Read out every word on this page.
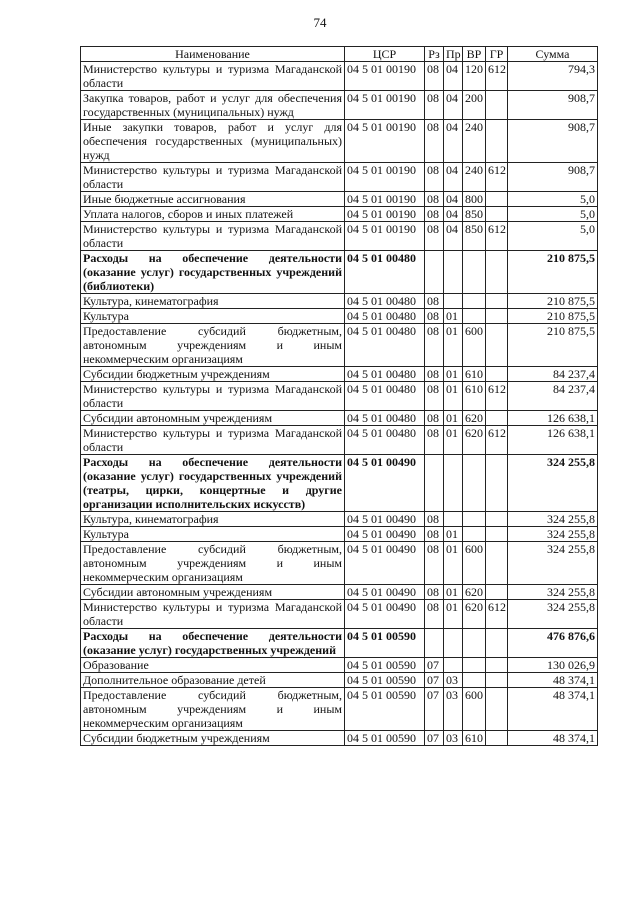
74
Наименование	ЦСР	Рз	Пр	ВР	ГР	Сумма
Министерство культуры и туризма Магаданской области	04 5 01 00190	08	04	120	612	794,3
Закупка товаров, работ и услуг для обеспечения государственных (муниципальных) нужд	04 5 01 00190	08	04	200		908,7
Иные закупки товаров, работ и услуг для обеспечения государственных (муниципальных) нужд	04 5 01 00190	08	04	240		908,7
Министерство культуры и туризма Магаданской области	04 5 01 00190	08	04	240	612	908,7
Иные бюджетные ассигнования	04 5 01 00190	08	04	800		5,0
Уплата налогов, сборов и иных платежей	04 5 01 00190	08	04	850		5,0
Министерство культуры и туризма Магаданской области	04 5 01 00190	08	04	850	612	5,0
Расходы на обеспечение деятельности (оказание услуг) государственных учреждений (библиотеки)	04 5 01 00480					210 875,5
Культура, кинематография	04 5 01 00480	08				210 875,5
Культура	04 5 01 00480	08	01			210 875,5
Предоставление субсидий бюджетным, автономным учреждениям и иным некоммерческим организациям	04 5 01 00480	08	01	600		210 875,5
Субсидии бюджетным учреждениям	04 5 01 00480	08	01	610		84 237,4
Министерство культуры и туризма Магаданской области	04 5 01 00480	08	01	610	612	84 237,4
Субсидии автономным учреждениям	04 5 01 00480	08	01	620		126 638,1
Министерство культуры и туризма Магаданской области	04 5 01 00480	08	01	620	612	126 638,1
Расходы на обеспечение деятельности (оказание услуг) государственных учреждений (театры, цирки, концертные и другие организации исполнительских искусств)	04 5 01 00490					324 255,8
Культура, кинематография	04 5 01 00490	08				324 255,8
Культура	04 5 01 00490	08	01			324 255,8
Предоставление субсидий бюджетным, автономным учреждениям и иным некоммерческим организациям	04 5 01 00490	08	01	600		324 255,8
Субсидии автономным учреждениям	04 5 01 00490	08	01	620		324 255,8
Министерство культуры и туризма Магаданской области	04 5 01 00490	08	01	620	612	324 255,8
Расходы на обеспечение деятельности (оказание услуг) государственных учреждений	04 5 01 00590					476 876,6
Образование	04 5 01 00590	07				130 026,9
Дополнительное образование детей	04 5 01 00590	07	03			48 374,1
Предоставление субсидий бюджетным, автономным учреждениям и иным некоммерческим организациям	04 5 01 00590	07	03	600		48 374,1
Субсидии бюджетным учреждениям	04 5 01 00590	07	03	610		48 374,1
